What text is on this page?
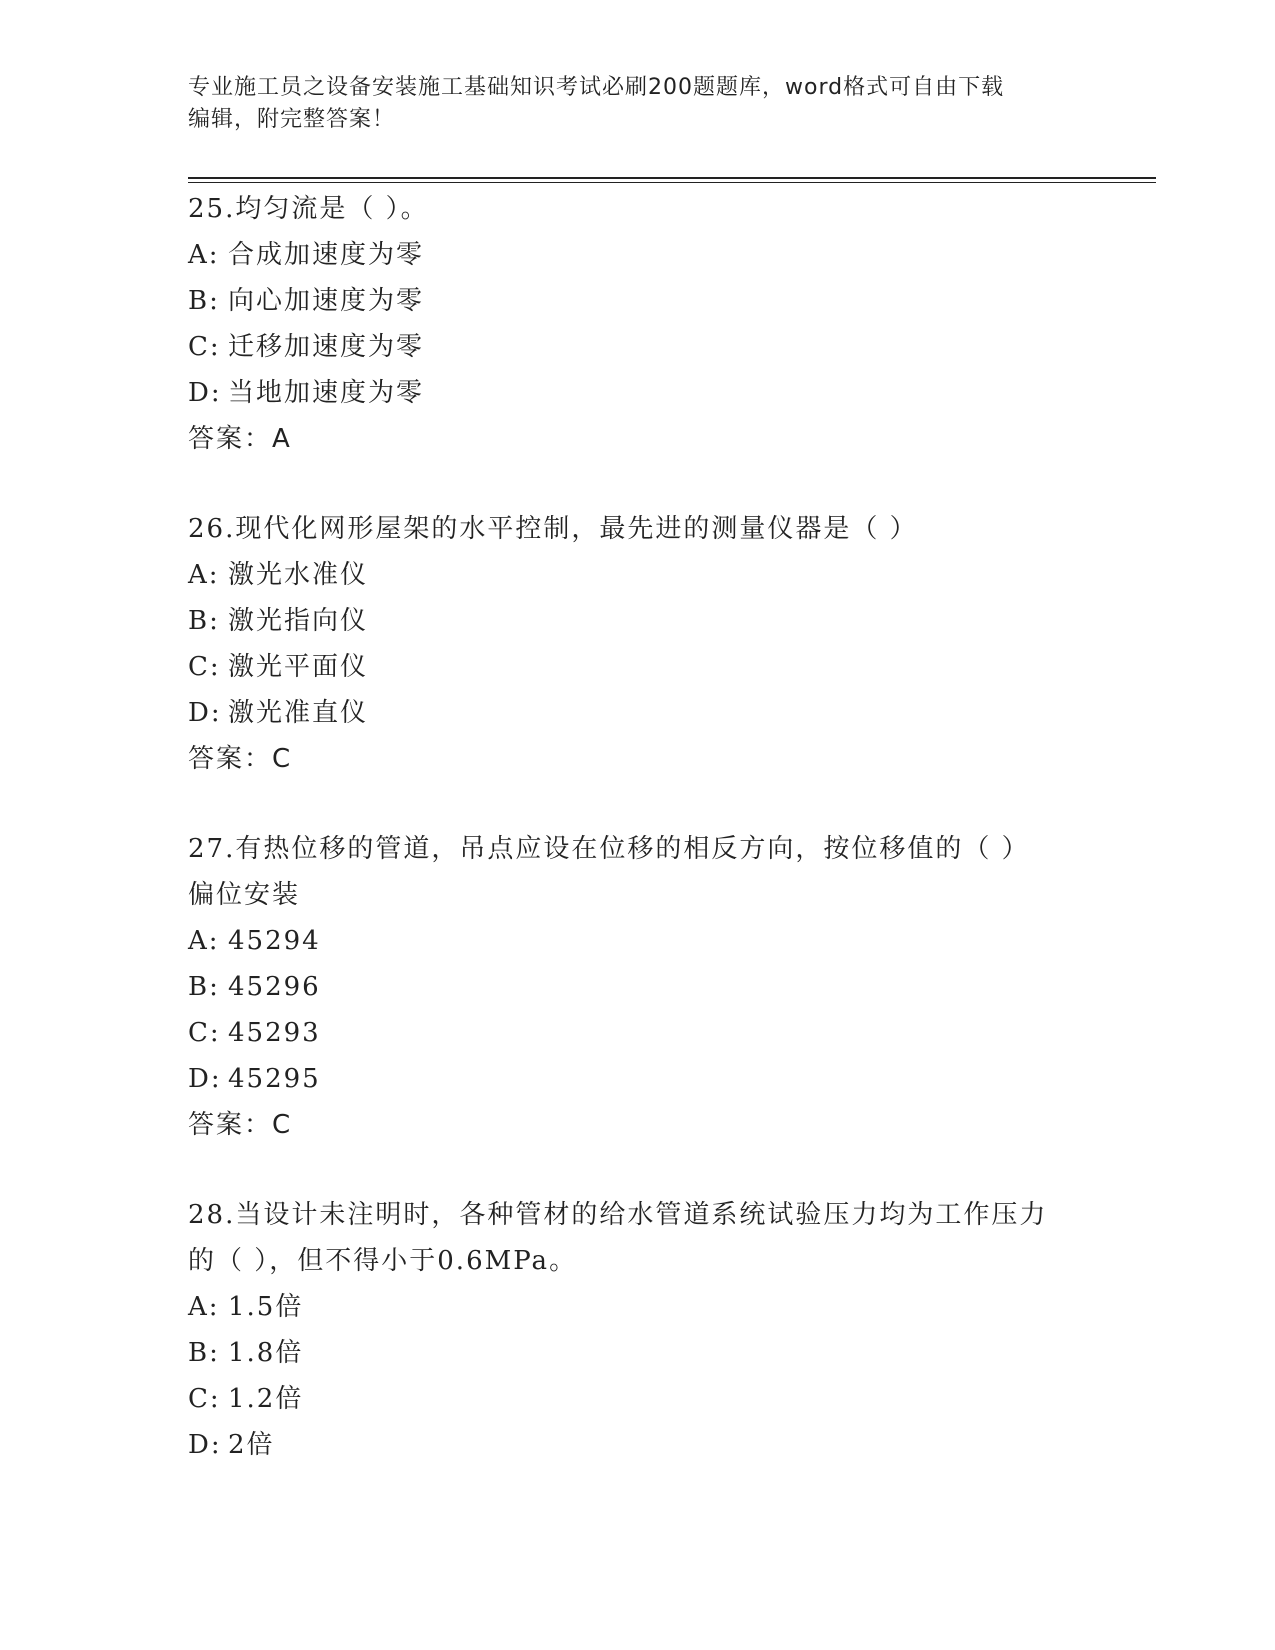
专业施工员之设备安装施工基础知识考试必刷200题题库，word格式可自由下载
编辑，附完整答案！
25.均匀流是（ ）。
A: 合成加速度为零
B: 向心加速度为零
C: 迁移加速度为零
D: 当地加速度为零
答案：A
26.现代化网形屋架的水平控制，最先进的测量仪器是（ ）
A: 激光水准仪
B: 激光指向仪
C: 激光平面仪
D: 激光准直仪
答案：C
27.有热位移的管道，吊点应设在位移的相反方向，按位移值的（ ）
偏位安装
A: 45294
B: 45296
C: 45293
D: 45295
答案：C
28.当设计未注明时，各种管材的给水管道系统试验压力均为工作压力
的（ ），但不得小于0.6MPa。
A: 1.5倍
B: 1.8倍
C: 1.2倍
D: 2倍
